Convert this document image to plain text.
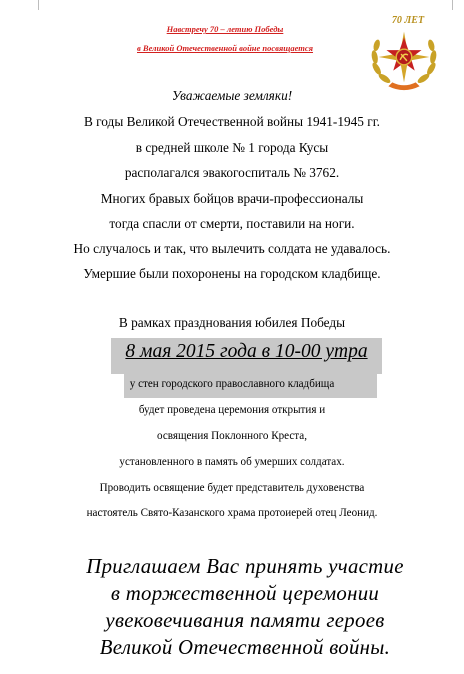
Навстречу 70 – летию Победы
в Великой Отечественной войне посвящается
70 ЛЕТ
Уважаемые земляки!
В годы Великой Отечественной войны 1941-1945 гг.
в средней школе № 1 города Кусы
располагался эвакогоспиталь № 3762.
Многих бравых бойцов врачи-профессионалы
тогда спасли от смерти, поставили на ноги.
Но случалось и так, что вылечить солдата не удавалось.
Умершие были похоронены на городском кладбище.
В рамках празднования юбилея Победы
8 мая 2015 года в 10-00 утра
у стен городского православного кладбища
будет проведена церемония открытия и
освящения Поклонного Креста,
установленного в память об умерших солдатах.
Проводить освящение будет представитель духовенства
настоятель Свято-Казанского храма протоиерей отец Леонид.
Приглашаем Вас принять участие
в торжественной церемонии
увековечивания памяти героев
Великой Отечественной войны.
